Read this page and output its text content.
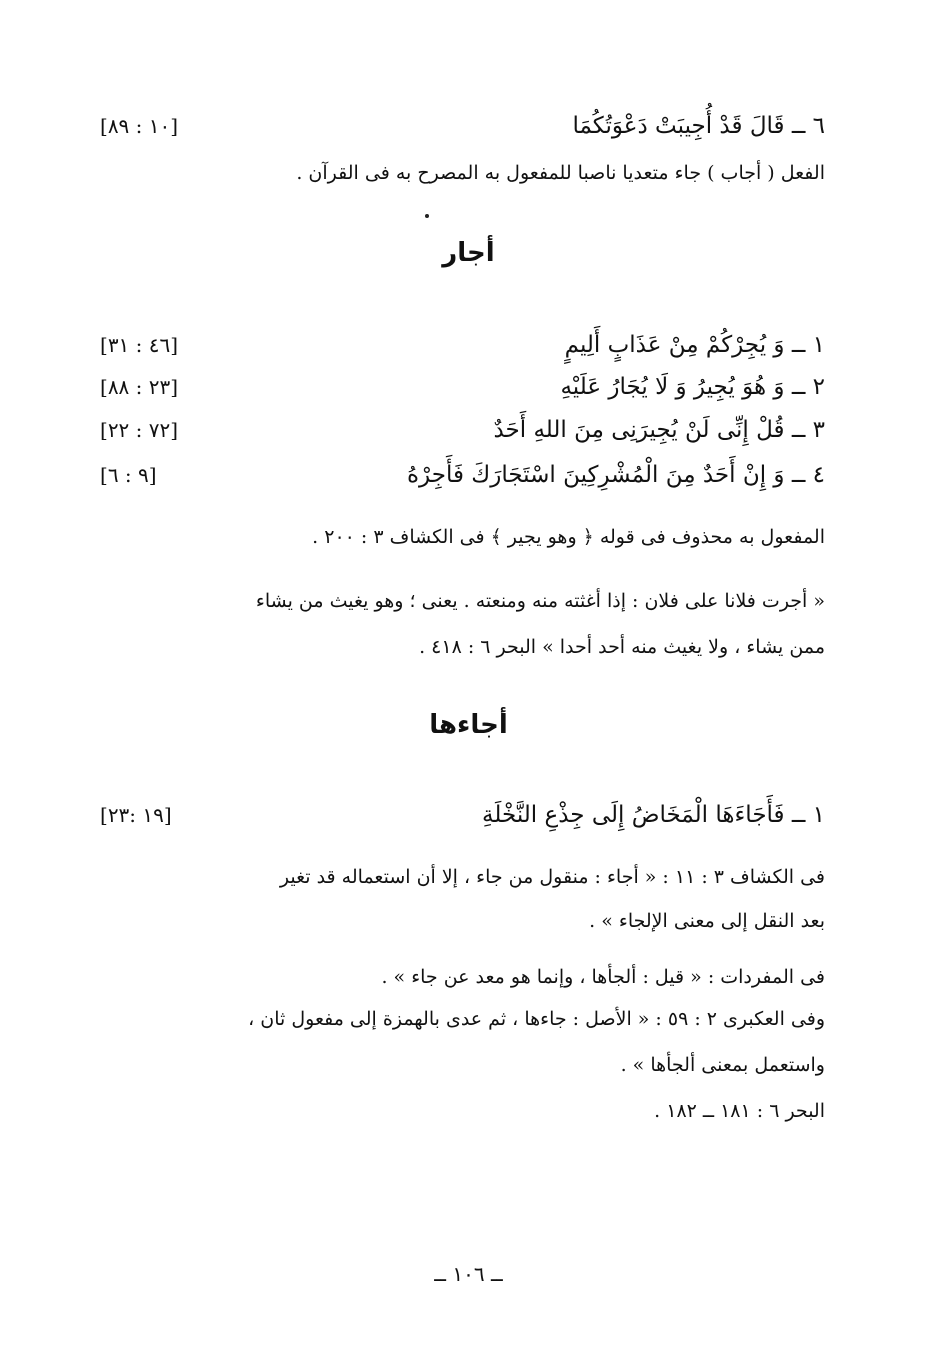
٦ ــ قَالَ قَدْ أُجِيبَتْ دَعْوَتُكُمَا
[١٠ : ٨٩]
الفعل ( أجاب ) جاء متعديا ناصبا للمفعول به المصرح به فى القرآن .
أجار
١ ــ وَ يُجِرْكُمْ مِنْ عَذَابٍ أَلِيمٍ
[٤٦ : ٣١]
٢ ــ وَ هُوَ يُجِيرُ وَ لَا يُجَارُ عَلَيْهِ
[٢٣ : ٨٨]
٣ ــ قُلْ إِنِّى لَنْ يُجِيرَنِى مِنَ اللهِ أَحَدٌ
[٧٢ : ٢٢]
٤ ــ وَ إِنْ أَحَدٌ مِنَ الْمُشْرِكِينَ اسْتَجَارَكَ فَأَجِرْهُ
[٩ : ٦]
المفعول به محذوف فى قوله ﴿ وهو يجير ﴾ فى الكشاف ٣ : ٢٠٠ .
« أجرت فلانا على فلان : إذا أغثته منه ومنعته . يعنى ؛ وهو يغيث من يشاء
ممن يشاء ، ولا يغيث منه أحد أحدا » البحر ٦ : ٤١٨ .
أجاءها
١ ــ فَأَجَاءَهَا الْمَخَاضُ إِلَى جِذْعِ النَّخْلَةِ
[١٩ :٢٣]
فى الكشاف ٣ : ١١ : « أجاء : منقول من جاء ، إلا أن استعماله قد تغير
بعد النقل إلى معنى الإلجاء » .
فى المفردات : « قيل : ألجأها ، وإنما هو معد عن جاء » .
وفى العكبرى ٢ : ٥٩ : « الأصل : جاءها ، ثم عدى بالهمزة إلى مفعول ثان ،
واستعمل بمعنى ألجأها » .
البحر ٦ : ١٨١ ــ ١٨٢ .
ــ ١٠٦ ــ
